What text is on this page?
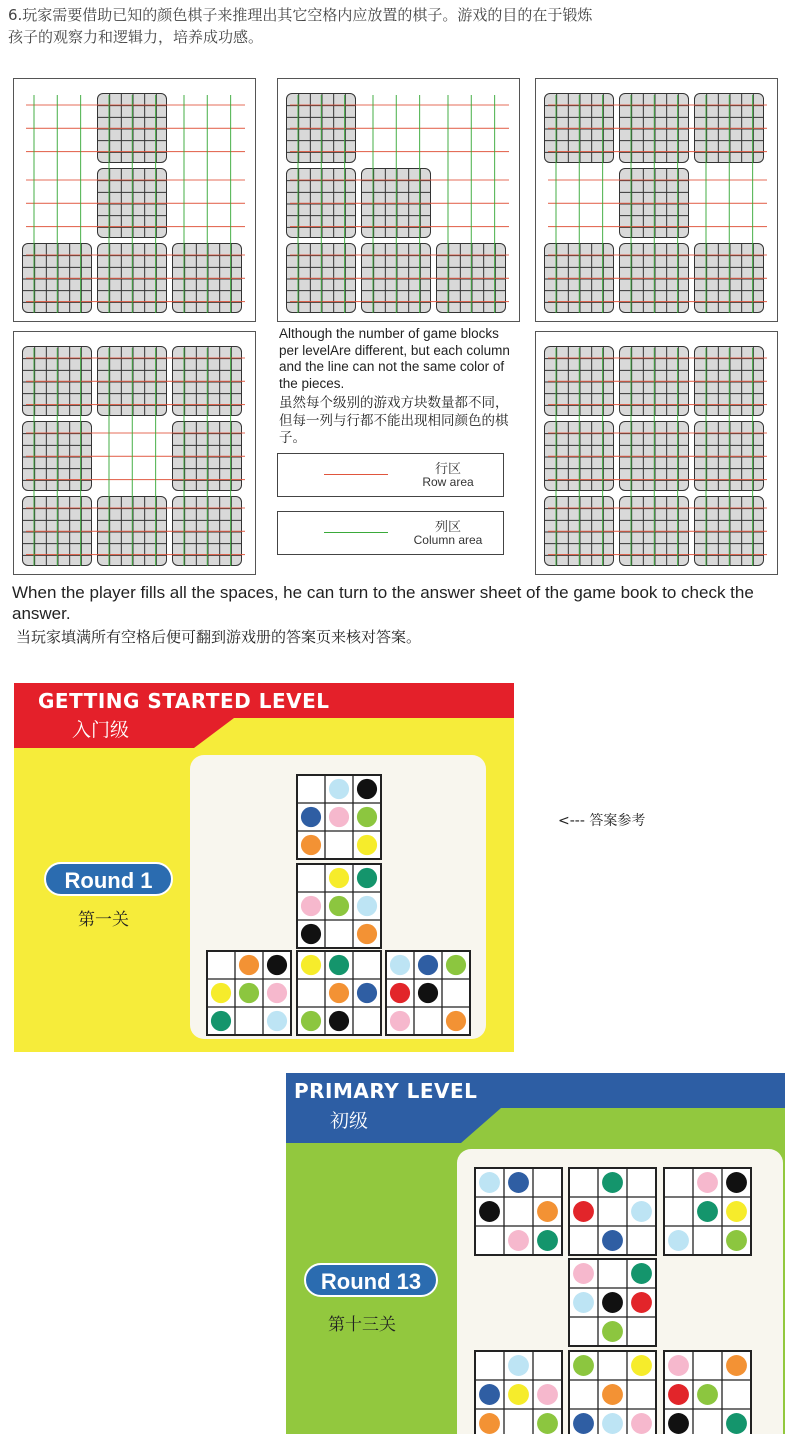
6.玩家需要借助已知的颜色棋子来推理出其它空格内应放置的棋子。游戏的目的在于锻炼
孩子的观察力和逻辑力，培养成功感。
Although the number of game blocks per levelAre different, but each column and the line can not the same color of the pieces.
虽然每个级别的游戏方块数量都不同，但每一列与行都不能出现相同颜色的棋子。
行区
Row area
列区
Column area
When the player fills all the spaces, he can turn to the answer sheet of the game book to check the answer.
当玩家填满所有空格后便可翻到游戏册的答案页来核对答案。
GETTING STARTED LEVEL
入门级
Round 1
第一关
<--- 答案参考
PRIMARY LEVEL
初级
Round 13
第十三关
